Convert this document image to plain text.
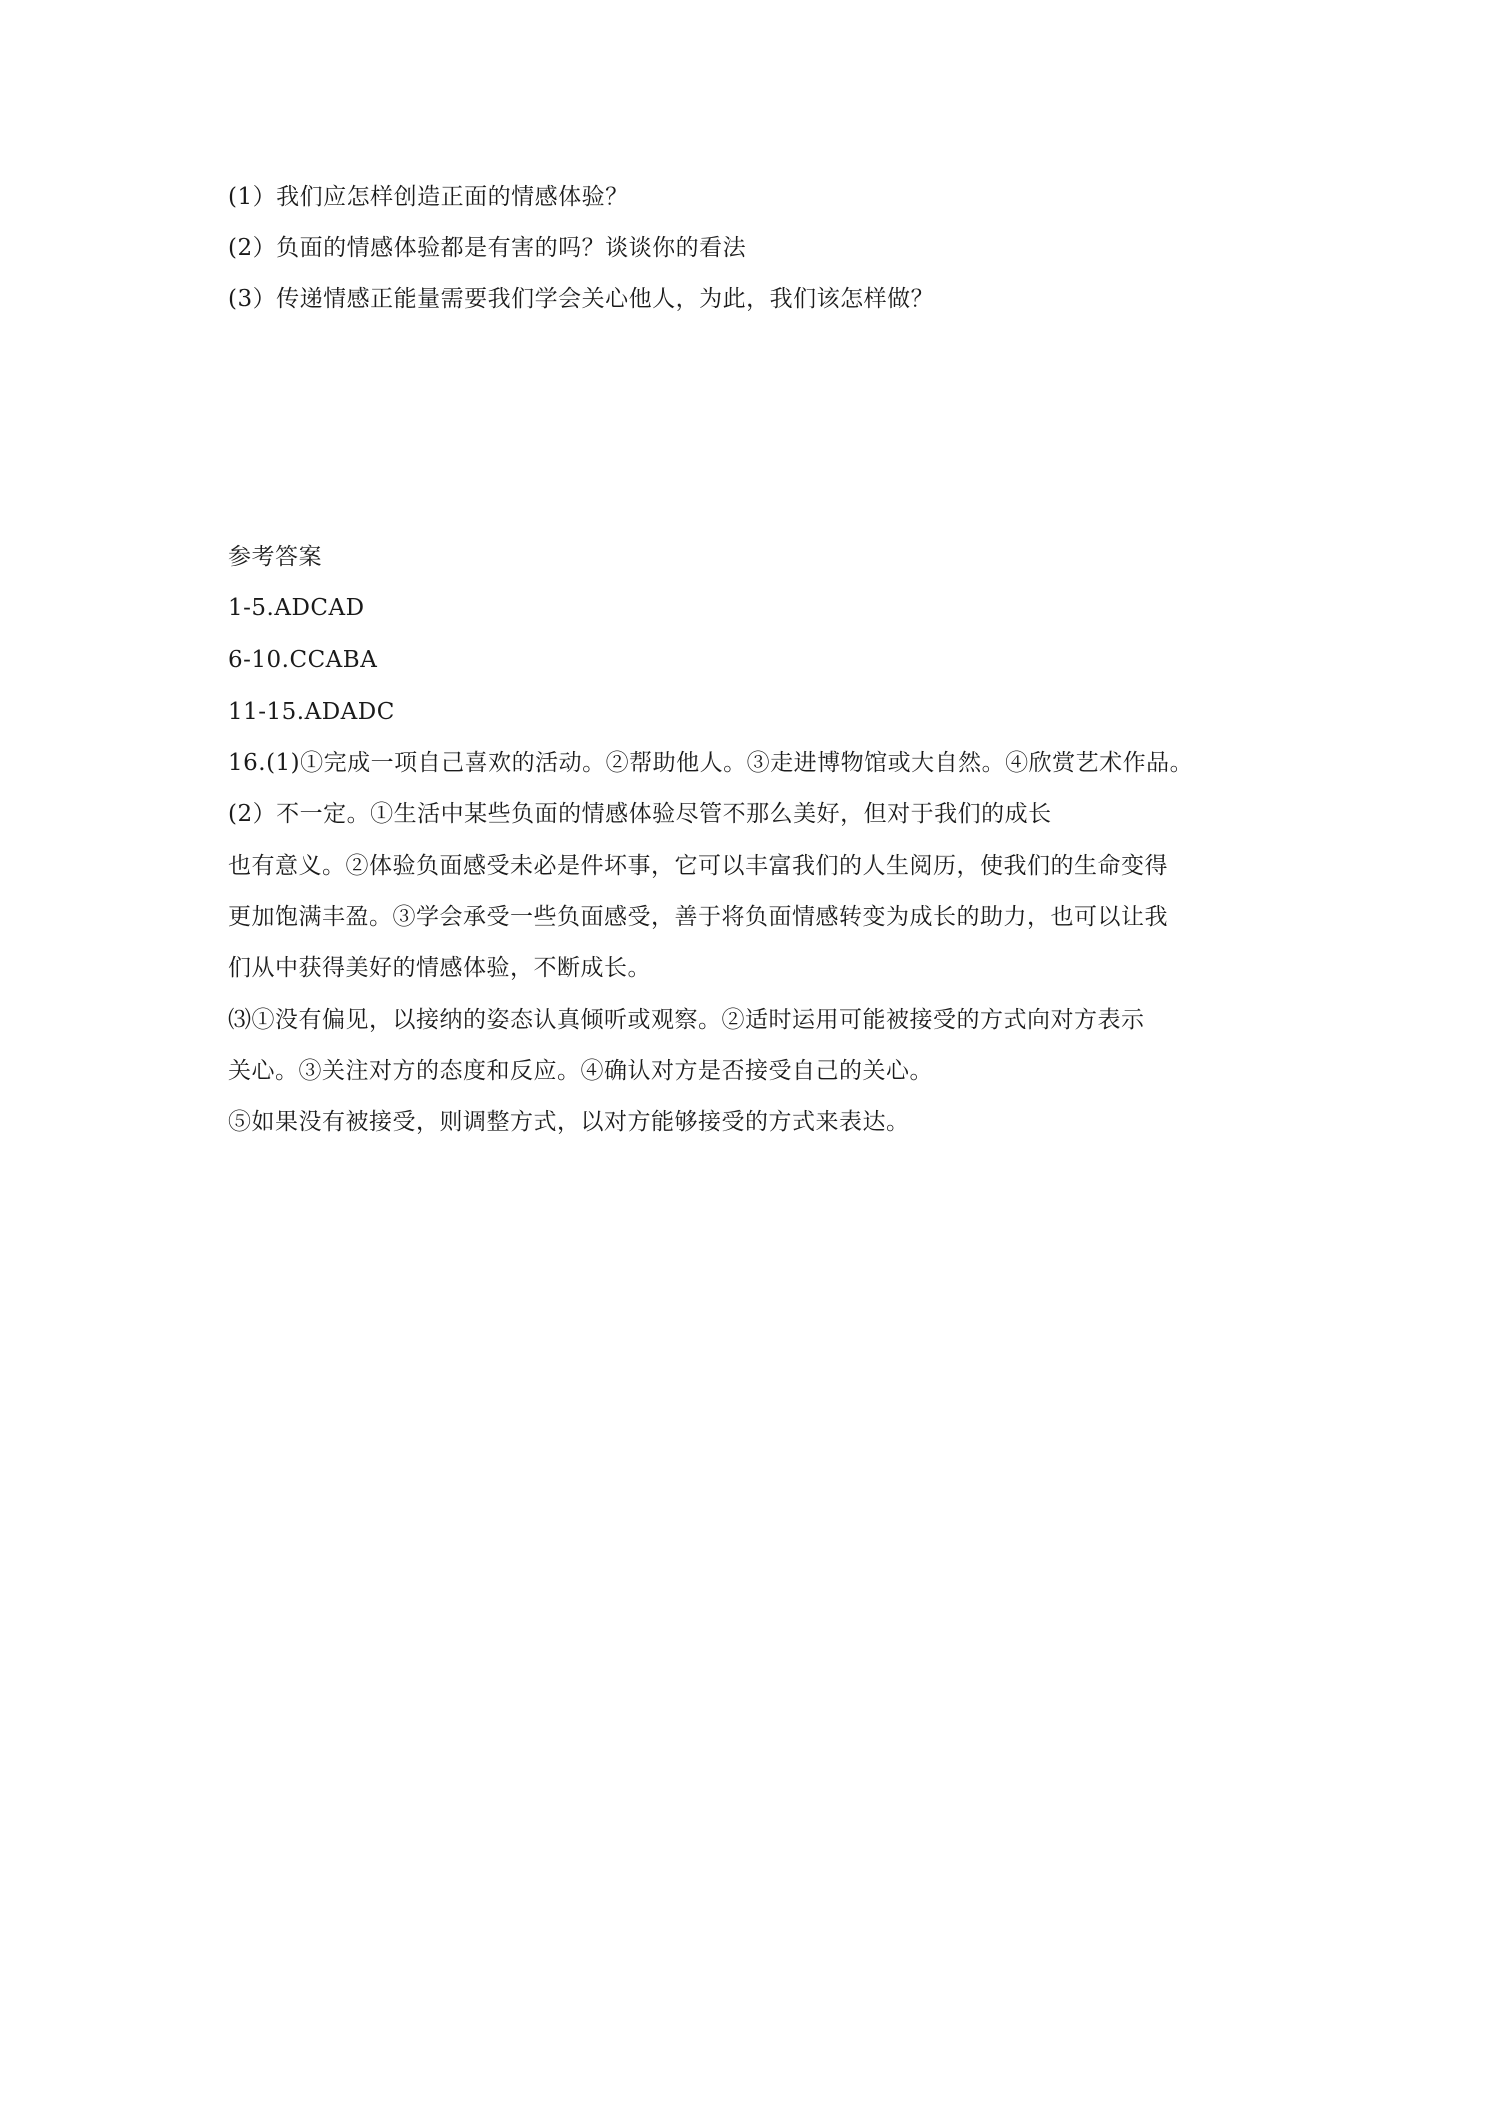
(1）我们应怎样创造正面的情感体验？
(2）负面的情感体验都是有害的吗？谈谈你的看法
(3）传递情感正能量需要我们学会关心他人，为此，我们该怎样做？
参考答案
1-5.ADCAD
6-10.CCABA
11-15.ADADC
16.(1)①完成一项自己喜欢的活动。②帮助他人。③走进博物馆或大自然。④欣赏艺术作品。
(2）不一定。①生活中某些负面的情感体验尽管不那么美好，但对于我们的成长
也有意义。②体验负面感受未必是件坏事，它可以丰富我们的人生阅历，使我们的生命变得
更加饱满丰盈。③学会承受一些负面感受，善于将负面情感转变为成长的助力，也可以让我
们从中获得美好的情感体验，不断成长。
⑶①没有偏见，以接纳的姿态认真倾听或观察。②适时运用可能被接受的方式向对方表示
关心。③关注对方的态度和反应。④确认对方是否接受自己的关心。
⑤如果没有被接受，则调整方式，以对方能够接受的方式来表达。
